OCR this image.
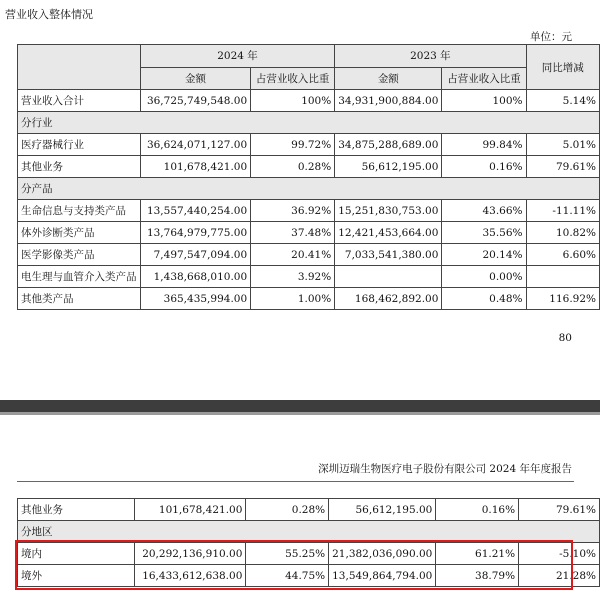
营业收入整体情况
单位：元
	2024 年		2023 年		同比增减
	金额	占营业收入比重	金额	占营业收入比重	
营业收入合计	36,725,749,548.00	100%	34,931,900,884.00	100%	5.14%
分行业					
医疗器械行业	36,624,071,127.00	99.72%	34,875,288,689.00	99.84%	5.01%
其他业务	101,678,421.00	0.28%	56,612,195.00	0.16%	79.61%
分产品					
生命信息与支持类产品	13,557,440,254.00	36.92%	15,251,830,753.00	43.66%	-11.11%
体外诊断类产品	13,764,979,775.00	37.48%	12,421,453,664.00	35.56%	10.82%
医学影像类产品	7,497,547,094.00	20.41%	7,033,541,380.00	20.14%	6.60%
电生理与血管介入类产品	1,438,668,010.00	3.92%		0.00%	
其他类产品	365,435,994.00	1.00%	168,462,892.00	0.48%	116.92%
80
深圳迈瑞生物医疗电子股份有限公司 2024 年年度报告
其他业务	101,678,421.00	0.28%	56,612,195.00	0.16%	79.61%
分地区					
境内	20,292,136,910.00	55.25%	21,382,036,090.00	61.21%	-5.10%
境外	16,433,612,638.00	44.75%	13,549,864,794.00	38.79%	21.28%
